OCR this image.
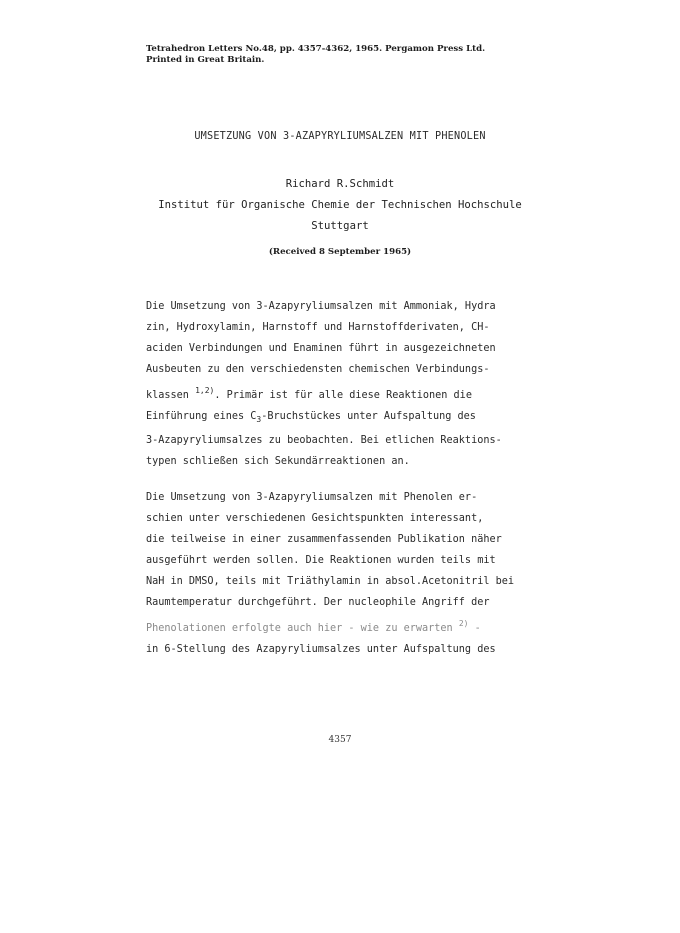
Tetrahedron Letters No.48, pp. 4357-4362, 1965. Pergamon Press Ltd.
Printed in Great Britain.
UMSETZUNG VON 3-AZAPYRYLIUMSALZEN MIT PHENOLEN
Richard R.Schmidt
Institut für Organische Chemie der Technischen Hochschule
Stuttgart
(Received 8 September 1965)
Die Umsetzung von 3-Azapyryliumsalzen mit Ammoniak, Hydra
zin, Hydroxylamin, Harnstoff und Harnstoffderivaten, CH-
aciden Verbindungen und Enaminen führt in ausgezeichneten
Ausbeuten zu den verschiedensten chemischen Verbindungs-
klassen $^{1,2)}$. Primär ist für alle diese Reaktionen die
Einführung eines $C_3$-Bruchstückes unter Aufspaltung des
3-Azapyryliumsalzes zu beobachten. Bei etlichen Reaktions-
typen schließen sich Sekundärreaktionen an.
Die Umsetzung von 3-Azapyryliumsalzen mit Phenolen er-
schien unter verschiedenen Gesichtspunkten interessant,
die teilweise in einer zusammenfassenden Publikation näher
ausgeführt werden sollen. Die Reaktionen wurden teils mit
NaH in DMSO, teils mit Triäthylamin in absol.Acetonitril bei
Raumtemperatur durchgeführt. Der nucleophile Angriff der
Phenolationen erfolgte auch hier - wie zu erwarten $^{2)}$ -
in 6-Stellung des Azapyryliumsalzes unter Aufspaltung des
4357
